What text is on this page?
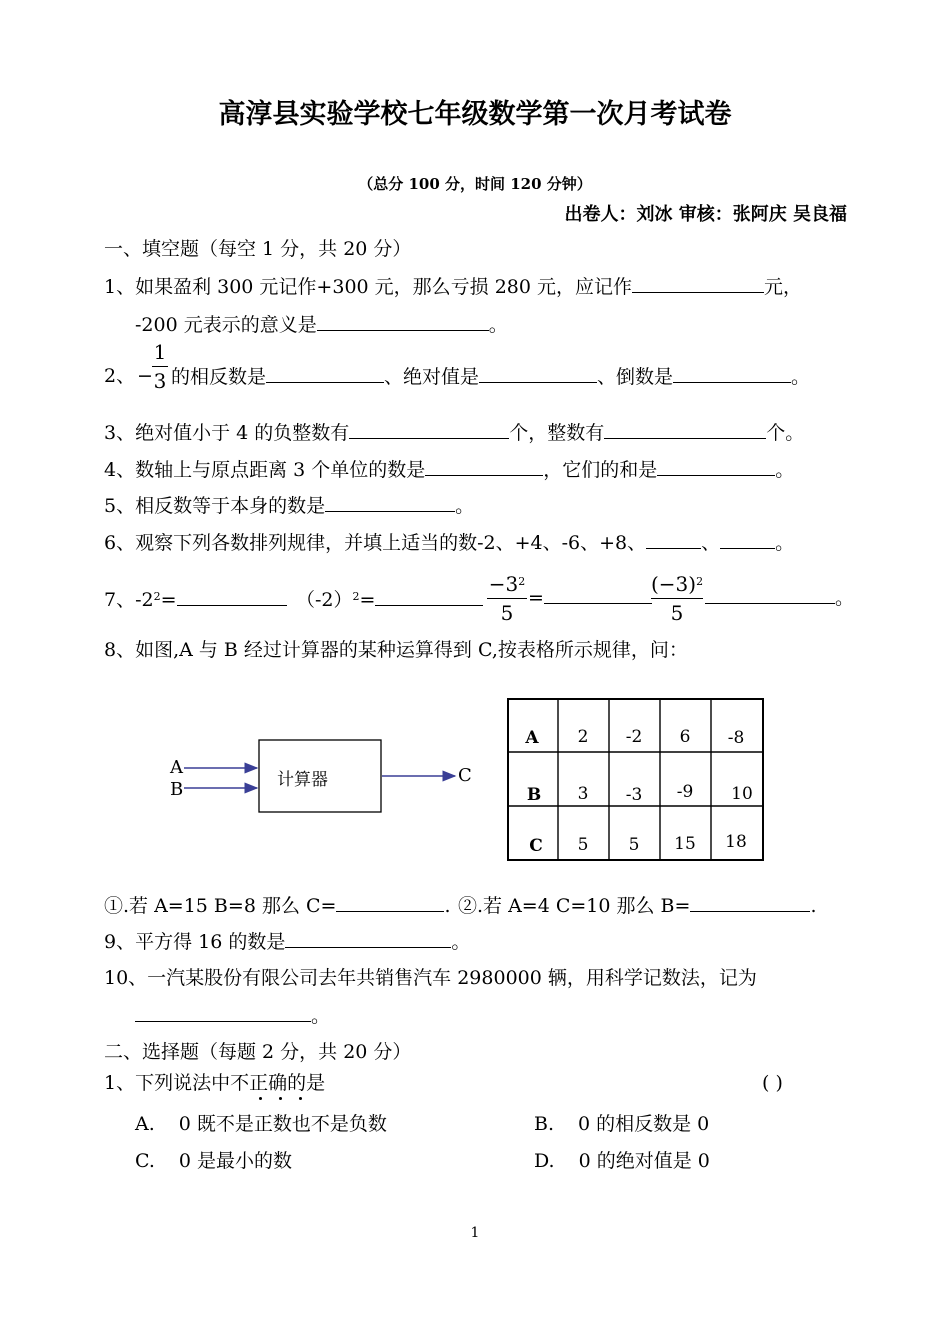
高淳县实验学校七年级数学第一次月考试卷
（总分 100 分，时间 120 分钟）
出卷人：刘冰 审核：张阿庆 吴良福
一、填空题（每空 1 分，共 20 分）
1、如果盈利 300 元记作+300 元，那么亏损 280 元，应记作	元，
-200 元表示的意义是	。
2、 −
1
3 的相反数是	、绝对值是	、倒数是	。
3、绝对值小于 4 的负整数有	个，整数有	个。
4、数轴上与原点距离 3 个单位的数是	，它们的和是	。
5、相反数等于本身的数是	。
6、观察下列各数排列规律，并填上适当的数-2、+4、-6、+8、	、	。
7、$-2^2=$	$(-2)^2=$
$-3^2$
5
=
$(-3)^2$
5
。
8、如图,A 与 B 经过计算器的某种运算得到 C,按表格所示规律，问：
A
B	计算器	C
A	2	-2	6	-8
B	3	-3	-9	10
C	5	5	15	18
①.若 A=15 B=8 那么 C=	. ②.若 A=4 C=10 那么 B=	.
9、平方得 16 的数是	。
10、一汽某股份有限公司去年共销售汽车 2980000 辆，用科学记数法，记为
。
二、选择题（每题 2 分，共 20 分）
1、下列说法中不正确的是	( )
A. 0 既不是正数也不是负数	B. 0 的相反数是 0
C. 0 是最小的数	D. 0 的绝对值是 0
1
